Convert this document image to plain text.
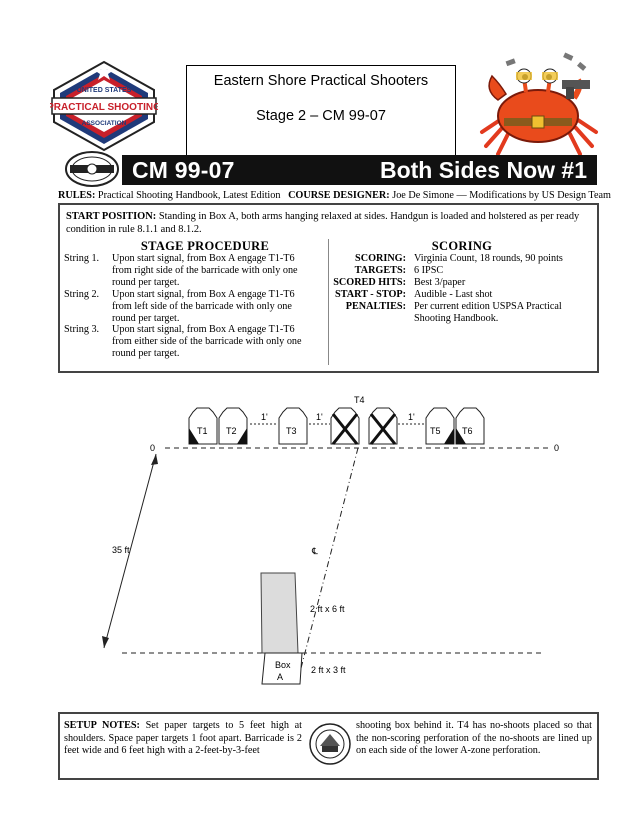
PRACTICAL SHOOTING
UNITED STATES
ASSOCIATION
Eastern Shore Practical Shooters
Stage 2 – CM 99-07
CM 99-07	Both Sides Now #1
RULES: Practical Shooting Handbook, Latest Edition COURSE DESIGNER: Joe De Simone — Modifications by US Design Team
START POSITION: Standing in Box A, both arms hanging relaxed at sides. Handgun is loaded and holstered as per ready condition in rule 8.1.1 and 8.1.2.
STAGE PROCEDURE	SCORING
String 1. Upon start signal, from Box A engage T1-T6
from right side of the barricade with only one
round per target.
String 2. Upon start signal, from Box A engage T1-T6
from left side of the barricade with only one
round per target.
String 3. Upon start signal, from Box A engage T1-T6
from either side of the barricade with only one
round per target.
SCORING: Virginia Count, 18 rounds, 90 points
TARGETS: 6 IPSC
SCORED HITS: Best 3/paper
START - STOP: Audible - Last shot
PENALTIES: Per current edition USPSA Practical Shooting Handbook.
T1 T2
1'
T3
1'
T4
1'
T5 T6
0	0
35 ft	℄
2 ft x 6 ft
Box
A
2 ft x 3 ft
SETUP NOTES: Set paper targets to 5 feet high at shoulders. Space paper targets 1 foot apart. Barricade is 2 feet wide and 6 feet high with a 2-feet-by-3-feet
shooting box behind it. T4 has no-shoots placed so that the non-scoring perforation of the no-shoots are lined up on each side of the lower A-zone perforation.
